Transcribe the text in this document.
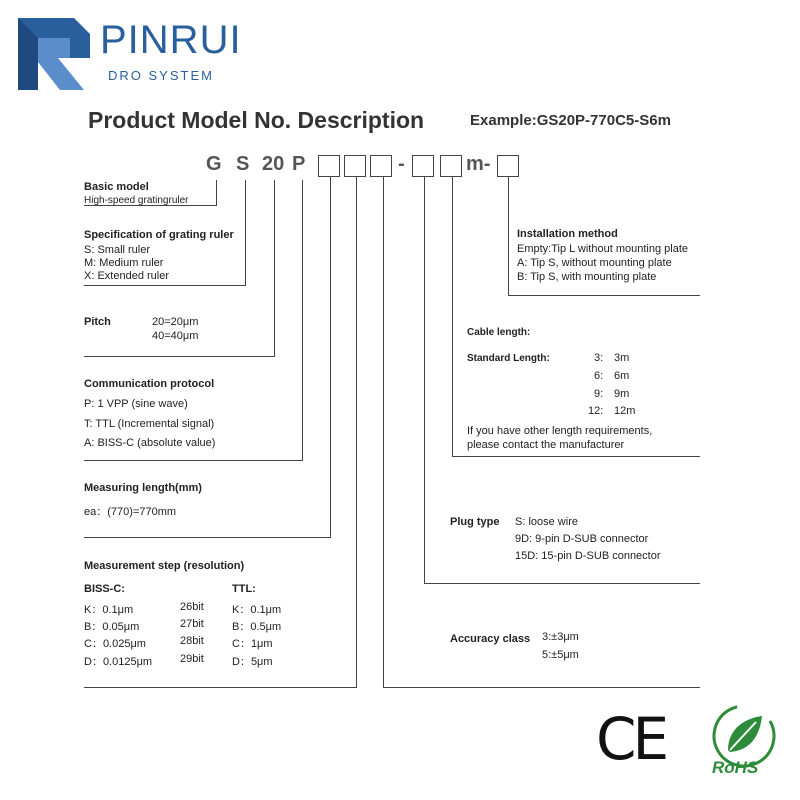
PINRUI
DRO SYSTEM
Product Model No. Description	Example:GS20P-770C5-S6m
G S 20 P	-	m-
Basic model
High-speed gratingruler
Specification of grating ruler
S: Small ruler
M: Medium ruler
X: Extended ruler
Pitch	20=20μm
40=40μm
Communication protocol
P: 1 VPP (sine wave)
T: TTL (Incremental signal)
A: BISS-C (absolute value)
Measuring length(mm)
ea：(770)=770mm
Measurement step (resolution)
BISS-C:
K：0.1μm	26bit
B：0.05μm	27bit
C：0.025μm	28bit
D：0.0125μm	29bit
TTL:
K：0.1μm
B：0.5μm
C：1μm
D：5μm
Installation method
Empty:Tip L without mounting plate
A: Tip S, without mounting plate
B: Tip S, with mounting plate
Cable length:
Standard Length:	3: 3m
6: 6m
9: 9m
12: 12m
If you have other length requirements,
please contact the manufacturer
Plug type S: loose wire
9D: 9-pin D-SUB connector
15D: 15-pin D-SUB connector
Accuracy class 3:±3μm
5:±5μm
CE	RoHS
